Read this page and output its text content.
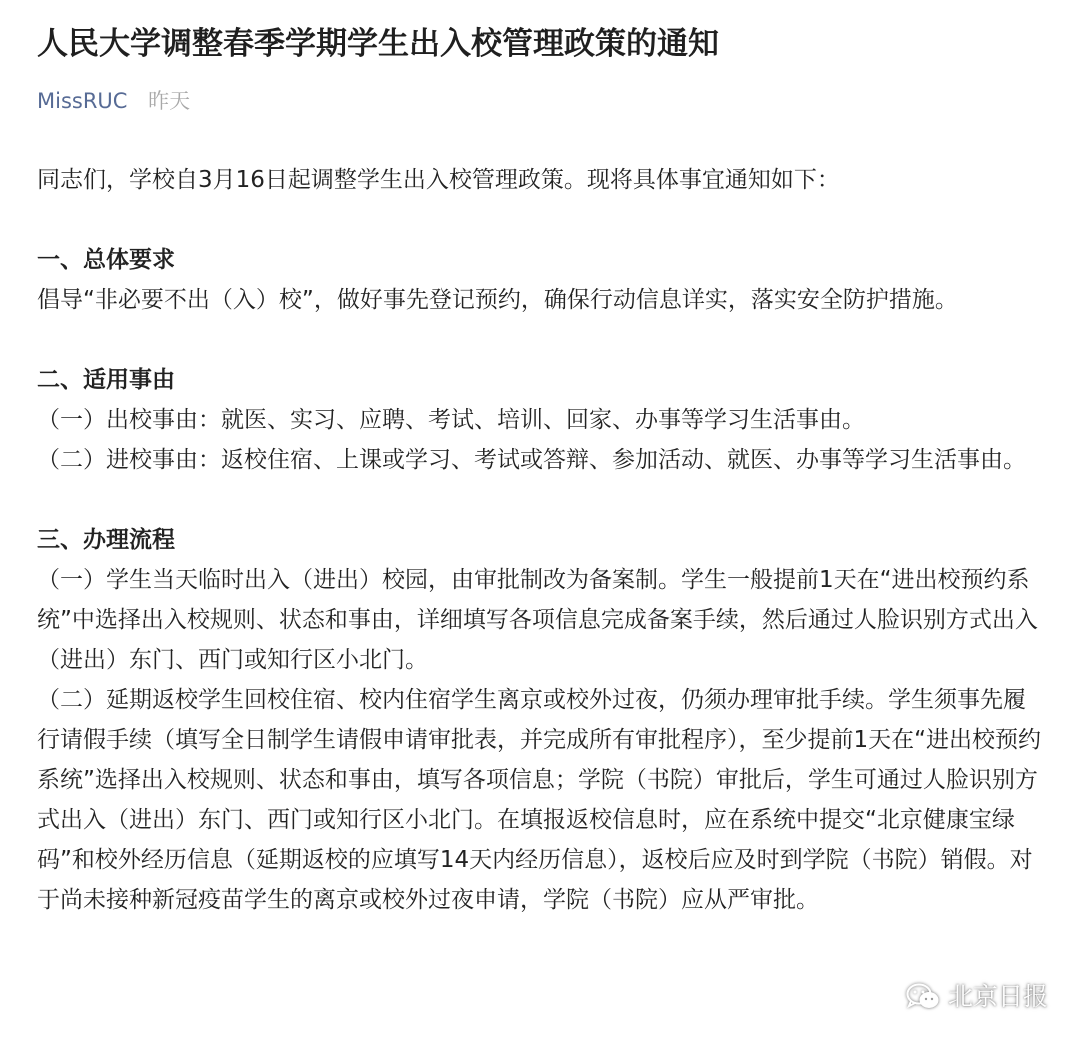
人民大学调整春季学期学生出入校管理政策的通知
MissRUC 昨天

同志们，学校自3月16日起调整学生出入校管理政策。现将具体事宜通知如下：

一、总体要求

倡导“非必要不出（入）校”，做好事先登记预约，确保行动信息详实，落实安全防护措施。

二、适用事由

（一）出校事由：就医、实习、应聘、考试、培训、回家、办事等学习生活事由。

（二）进校事由：返校住宿、上课或学习、考试或答辩、参加活动、就医、办事等学习生活事由。

三、办理流程

（一）学生当天临时出入（进出）校园，由审批制改为备案制。学生一般提前1天在“进出校预约系统”中选择出入校规则、状态和事由，详细填写各项信息完成备案手续，然后通过人脸识别方式出入（进出）东门、西门或知行区小北门。

（二）延期返校学生回校住宿、校内住宿学生离京或校外过夜，仍须办理审批手续。学生须事先履行请假手续（填写全日制学生请假申请审批表，并完成所有审批程序），至少提前1天在“进出校预约系统”选择出入校规则、状态和事由，填写各项信息；学院（书院）审批后，学生可通过人脸识别方式出入（进出）东门、西门或知行区小北门。在填报返校信息时，应在系统中提交“北京健康宝绿码”和校外经历信息（延期返校的应填写14天内经历信息），返校后应及时到学院（书院）销假。对于尚未接种新冠疫苗学生的离京或校外过夜申请，学院（书院）应从严审批。

北京日报
